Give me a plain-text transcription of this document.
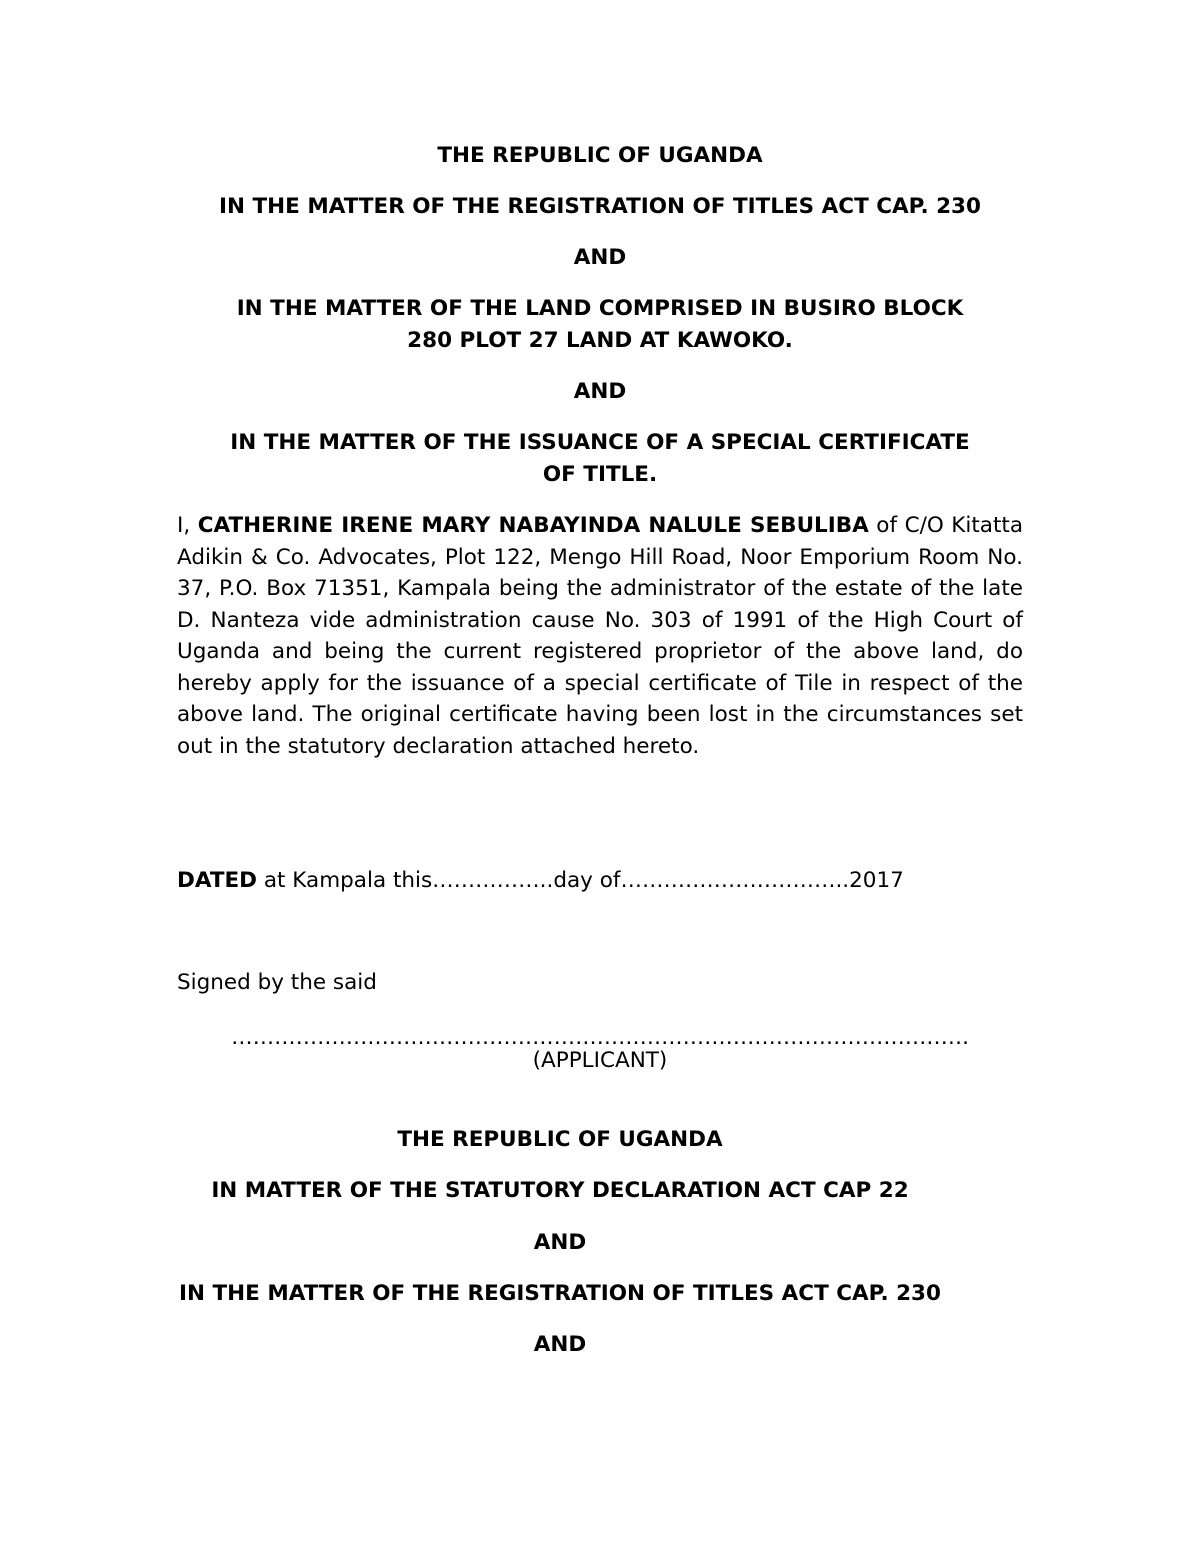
THE REPUBLIC OF UGANDA

IN THE MATTER OF THE REGISTRATION OF TITLES ACT CAP. 230

AND

IN THE MATTER OF THE LAND COMPRISED IN BUSIRO BLOCK

280 PLOT 27 LAND AT KAWOKO.

AND

IN THE MATTER OF THE ISSUANCE OF A SPECIAL CERTIFICATE

OF TITLE.

I, CATHERINE IRENE MARY NABAYINDA NALULE SEBULIBA of C/O Kitatta Adikin & Co. Advocates, Plot 122, Mengo Hill Road, Noor Emporium Room No. 37, P.O. Box 71351, Kampala being the administrator of the estate of the late D. Nanteza vide administration cause No. 303 of 1991 of the High Court of Uganda and being the current registered proprietor of the above land, do hereby apply for the issuance of a special certificate of Tile in respect of the above land. The original certificate having been lost in the circumstances set out in the statutory declaration attached hereto.

DATED at Kampala this……………..day of…………………………..2017

Signed by the said

………………………………………………………………………………………….

(APPLICANT)

THE REPUBLIC OF UGANDA

IN MATTER OF THE STATUTORY DECLARATION ACT CAP 22

AND

IN THE MATTER OF THE REGISTRATION OF TITLES ACT CAP. 230

AND
